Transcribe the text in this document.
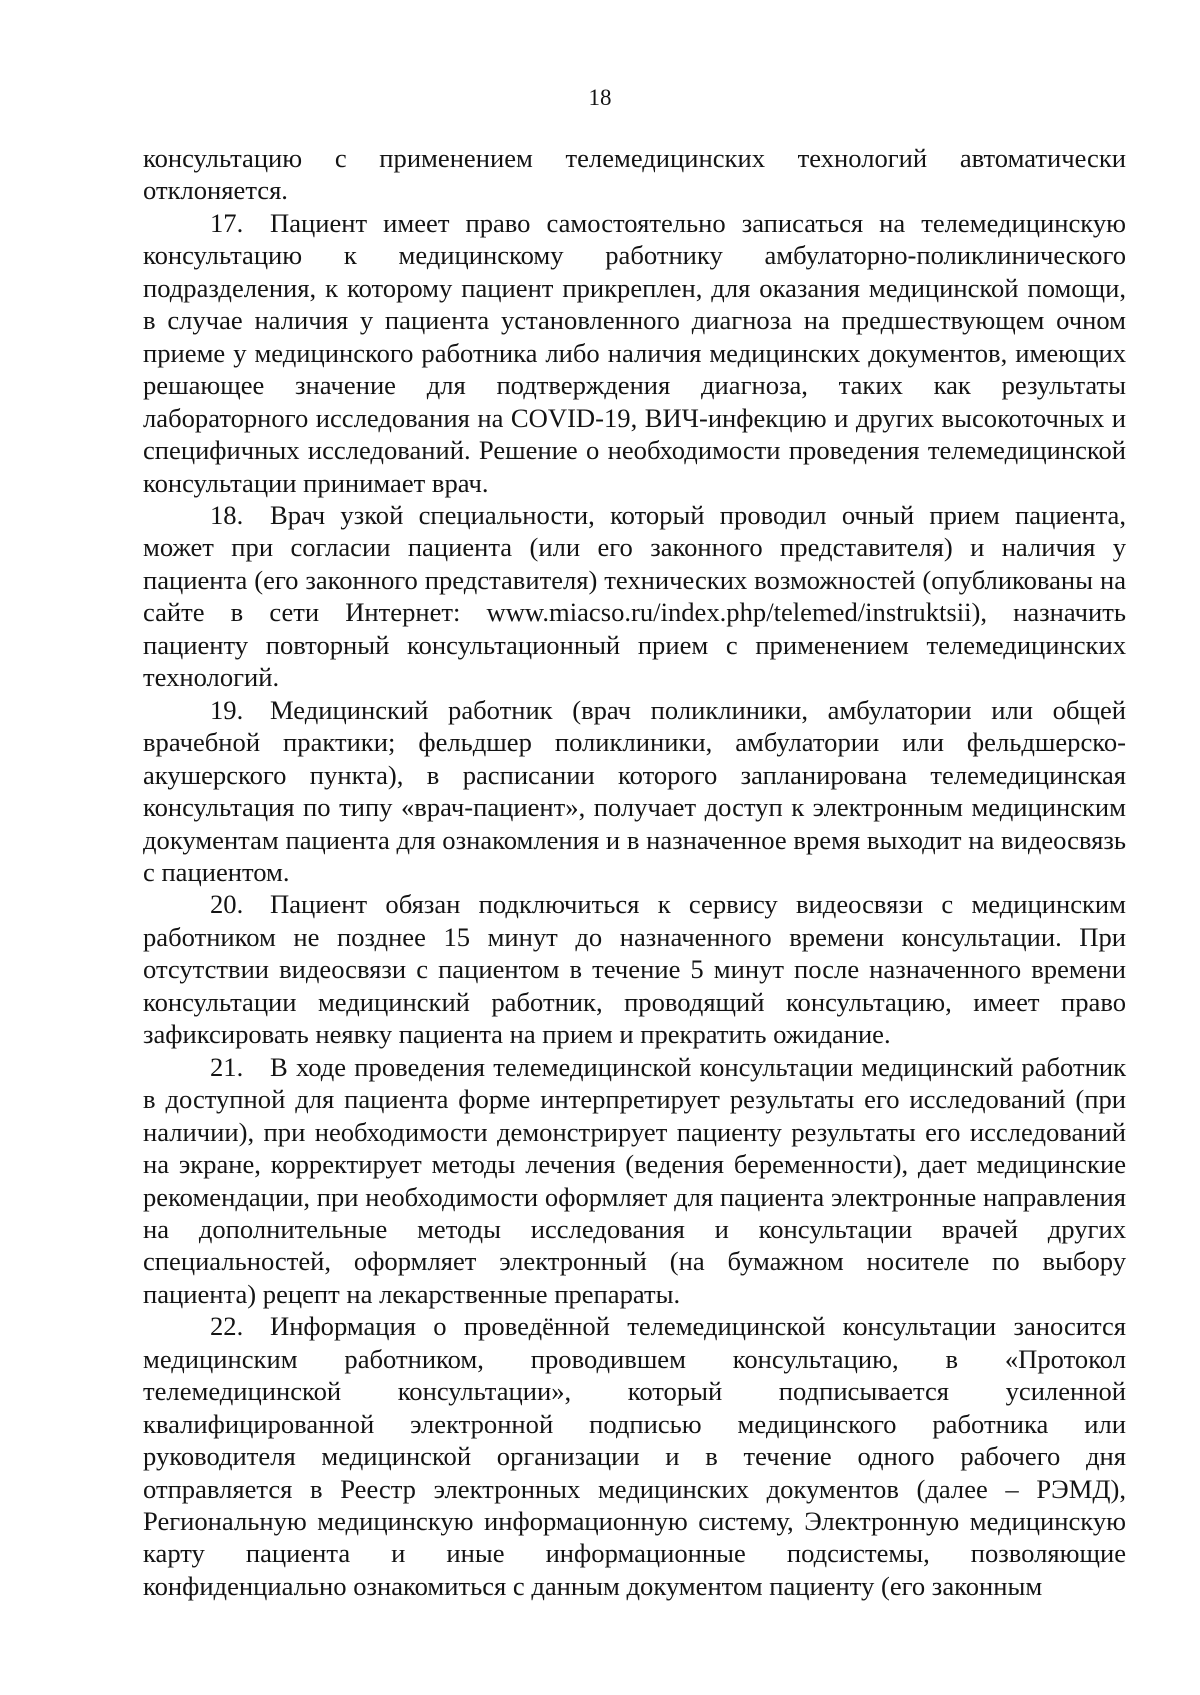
18

консультацию с применением телемедицинских технологий автоматически отклоняется.

17. Пациент имеет право самостоятельно записаться на телемедицинскую консультацию к медицинскому работнику амбулаторно-поликлинического подразделения, к которому пациент прикреплен, для оказания медицинской помощи, в случае наличия у пациента установленного диагноза на предшествующем очном приеме у медицинского работника либо наличия медицинских документов, имеющих решающее значение для подтверждения диагноза, таких как результаты лабораторного исследования на COVID-19, ВИЧ-инфекцию и других высокоточных и специфичных исследований. Решение о необходимости проведения телемедицинской консультации принимает врач.

18. Врач узкой специальности, который проводил очный прием пациента, может при согласии пациента (или его законного представителя) и наличия у пациента (его законного представителя) технических возможностей (опубликованы на сайте в сети Интернет: www.miacso.ru/index.php/telemed/instruktsii), назначить пациенту повторный консультационный прием с применением телемедицинских технологий.

19. Медицинский работник (врач поликлиники, амбулатории или общей врачебной практики; фельдшер поликлиники, амбулатории или фельдшерско-акушерского пункта), в расписании которого запланирована телемедицинская консультация по типу «врач-пациент», получает доступ к электронным медицинским документам пациента для ознакомления и в назначенное время выходит на видеосвязь с пациентом.

20. Пациент обязан подключиться к сервису видеосвязи с медицинским работником не позднее 15 минут до назначенного времени консультации. При отсутствии видеосвязи с пациентом в течение 5 минут после назначенного времени консультации медицинский работник, проводящий консультацию, имеет право зафиксировать неявку пациента на прием и прекратить ожидание.

21. В ходе проведения телемедицинской консультации медицинский работник в доступной для пациента форме интерпретирует результаты его исследований (при наличии), при необходимости демонстрирует пациенту результаты его исследований на экране, корректирует методы лечения (ведения беременности), дает медицинские рекомендации, при необходимости оформляет для пациента электронные направления на дополнительные методы исследования и консультации врачей других специальностей, оформляет электронный (на бумажном носителе по выбору пациента) рецепт на лекарственные препараты.

22. Информация о проведённой телемедицинской консультации заносится медицинским работником, проводившем консультацию, в «Протокол телемедицинской консультации», который подписывается усиленной квалифицированной электронной подписью медицинского работника или руководителя медицинской организации и в течение одного рабочего дня отправляется в Реестр электронных медицинских документов (далее – РЭМД), Региональную медицинскую информационную систему, Электронную медицинскую карту пациента и иные информационные подсистемы, позволяющие конфиденциально ознакомиться с данным документом пациенту (его законным
